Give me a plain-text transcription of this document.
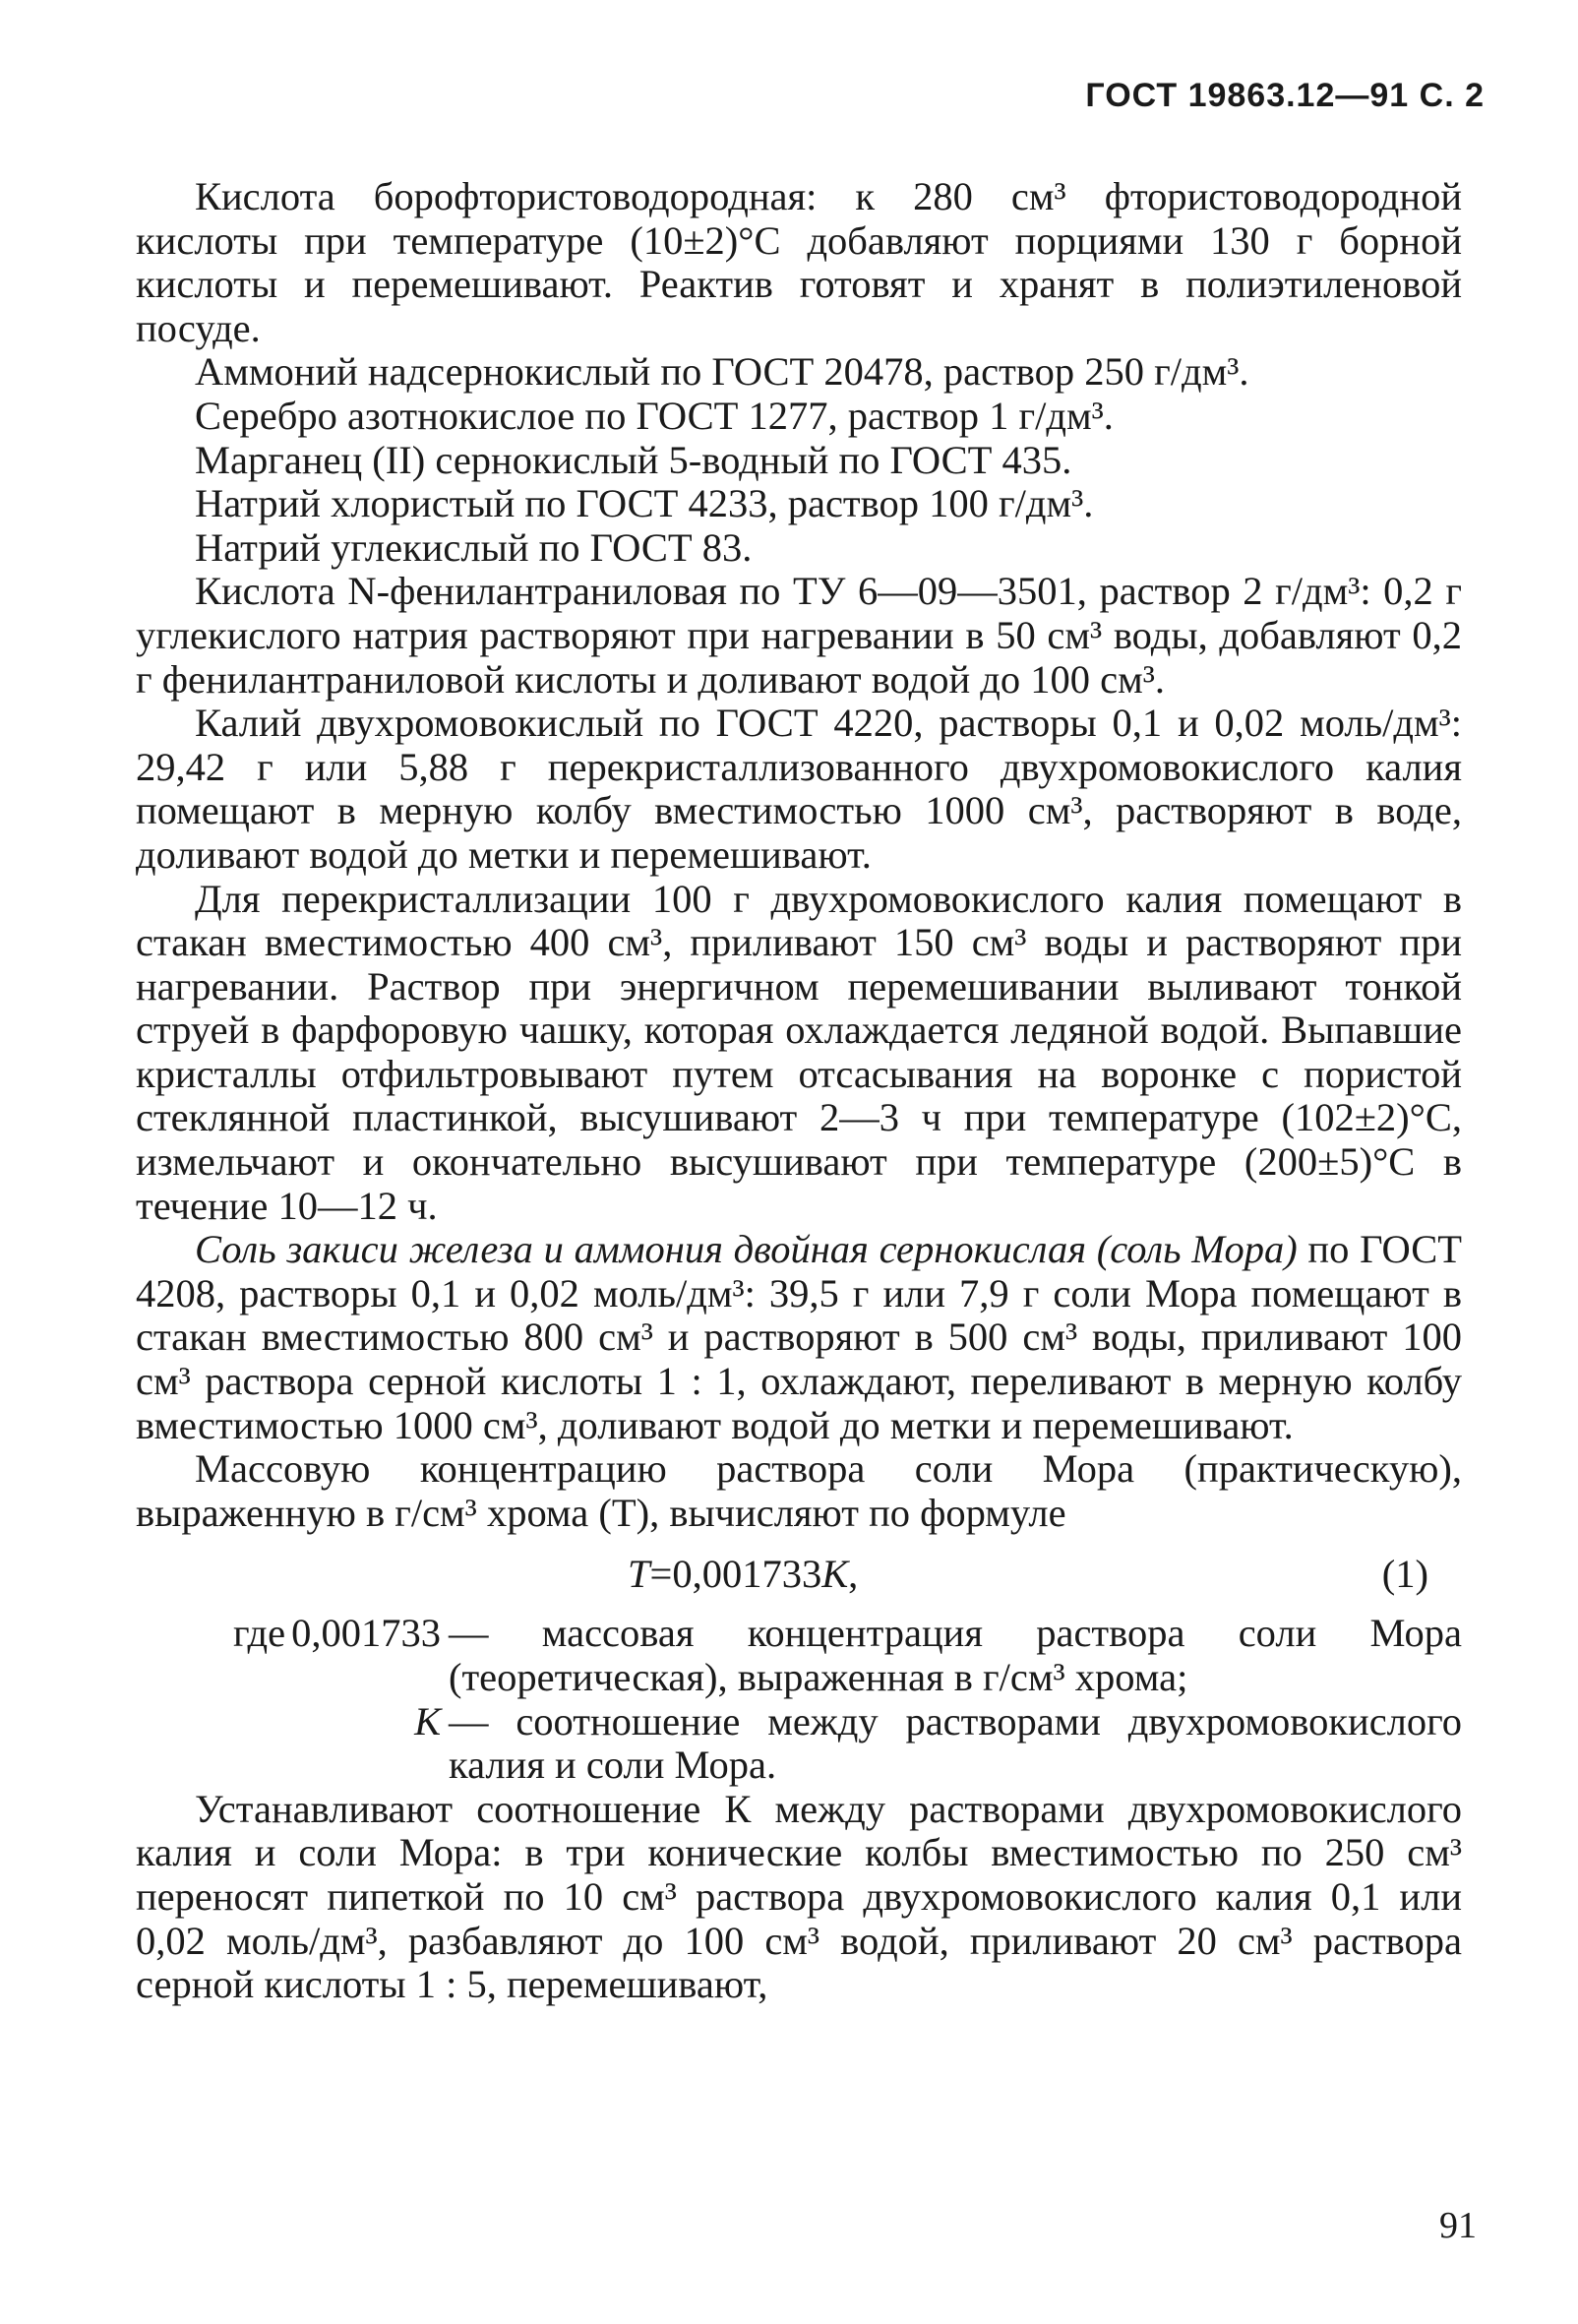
ГОСТ 19863.12—91 С. 2

Кислота борофтористоводородная: к 280 см³ фтористоводородной кислоты при температуре (10±2)°С добавляют порциями 130 г борной кислоты и перемешивают. Реактив готовят и хранят в полиэтиленовой посуде.

Аммоний надсернокислый по ГОСТ 20478, раствор 250 г/дм³.

Серебро азотнокислое по ГОСТ 1277, раствор 1 г/дм³.

Марганец (II) сернокислый 5-водный по ГОСТ 435.

Натрий хлористый по ГОСТ 4233, раствор 100 г/дм³.

Натрий углекислый по ГОСТ 83.

Кислота N-фенилантраниловая по ТУ 6—09—3501, раствор 2 г/дм³: 0,2 г углекислого натрия растворяют при нагревании в 50 см³ воды, добавляют 0,2 г фенилантраниловой кислоты и доливают водой до 100 см³.

Калий двухромовокислый по ГОСТ 4220, растворы 0,1 и 0,02 моль/дм³: 29,42 г или 5,88 г перекристаллизованного двухромовокислого калия помещают в мерную колбу вместимостью 1000 см³, растворяют в воде, доливают водой до метки и перемешивают.

Для перекристаллизации 100 г двухромовокислого калия помещают в стакан вместимостью 400 см³, приливают 150 см³ воды и растворяют при нагревании. Раствор при энергичном перемешивании выливают тонкой струей в фарфоровую чашку, которая охлаждается ледяной водой. Выпавшие кристаллы отфильтровывают путем отсасывания на воронке с пористой стеклянной пластинкой, высушивают 2—3 ч при температуре (102±2)°С, измельчают и окончательно высушивают при температуре (200±5)°С в течение 10—12 ч.

Соль закиси железа и аммония двойная сернокислая (соль Мора) по ГОСТ 4208, растворы 0,1 и 0,02 моль/дм³: 39,5 г или 7,9 г соли Мора помещают в стакан вместимостью 800 см³ и растворяют в 500 см³ воды, приливают 100 см³ раствора серной кислоты 1 : 1, охлаждают, переливают в мерную колбу вместимостью 1000 см³, доливают водой до метки и перемешивают.

Массовую концентрацию раствора соли Мора (практическую), выраженную в г/см³ хрома (Т), вычисляют по формуле

Т=0,001733К,	(1)
где 0,001733 — массовая концентрация раствора соли Мора (теоретическая), выраженная в г/см³ хрома;
К — соотношение между растворами двухромовокислого калия и соли Мора.

Устанавливают соотношение К между растворами двухромовокислого калия и соли Мора: в три конические колбы вместимостью по 250 см³ переносят пипеткой по 10 см³ раствора двухромовокислого калия 0,1 или 0,02 моль/дм³, разбавляют до 100 см³ водой, приливают 20 см³ раствора серной кислоты 1 : 5, перемешивают,

91
